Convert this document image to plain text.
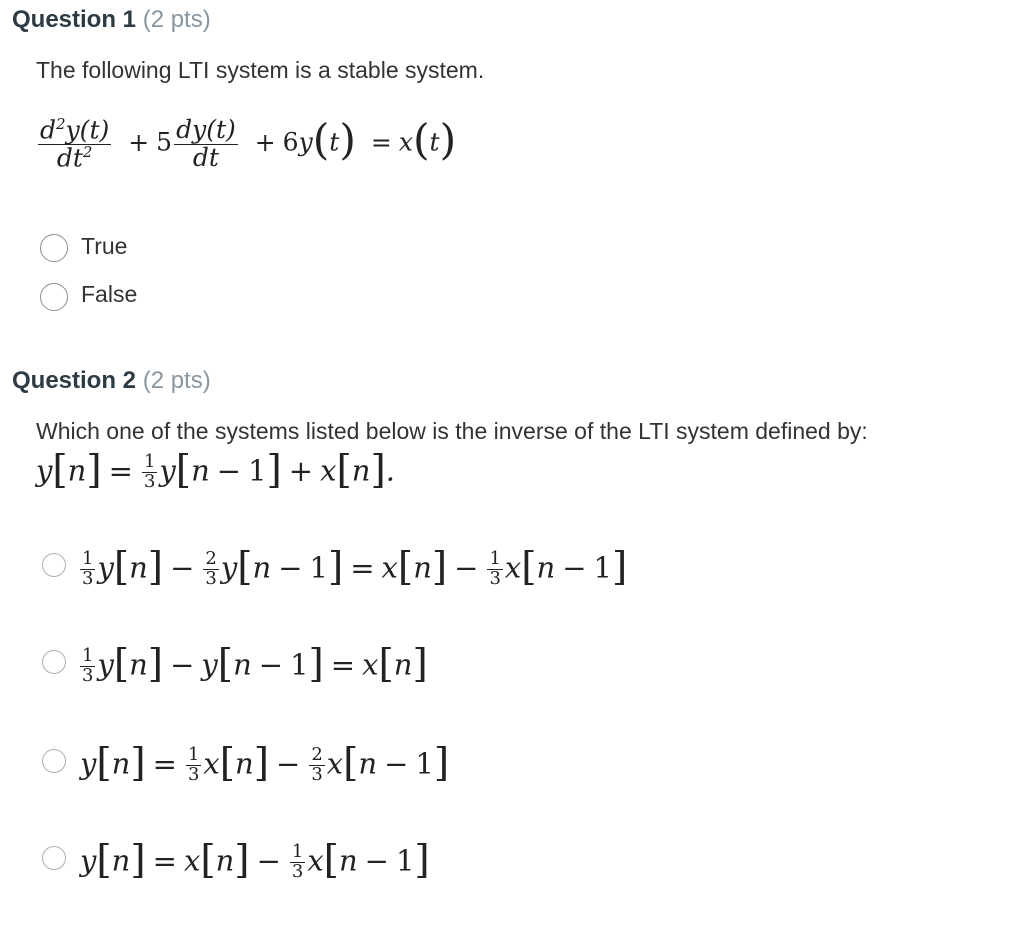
Question 1 (2 pts)
The following LTI system is a stable system.
$\frac{d^2y(t)}{dt^2} + 5 \frac{dy(t)}{dt} + 6y(t) = x(t)$
True
False
Question 2 (2 pts)
Which one of the systems listed below is the inverse of the LTI system defined by:
$y[n] = \frac{1}{3} y[n - 1] + x[n]$.
$\frac{1}{3} y[n] - \frac{2}{3} y[n - 1] = x[n] - \frac{1}{3} x[n - 1]$
$\frac{1}{3} y[n] - y[n - 1] = x[n]$
$y[n] = \frac{1}{3} x[n] - \frac{2}{3} x[n - 1]$
$y[n] = x[n] - \frac{1}{3} x[n - 1]$
